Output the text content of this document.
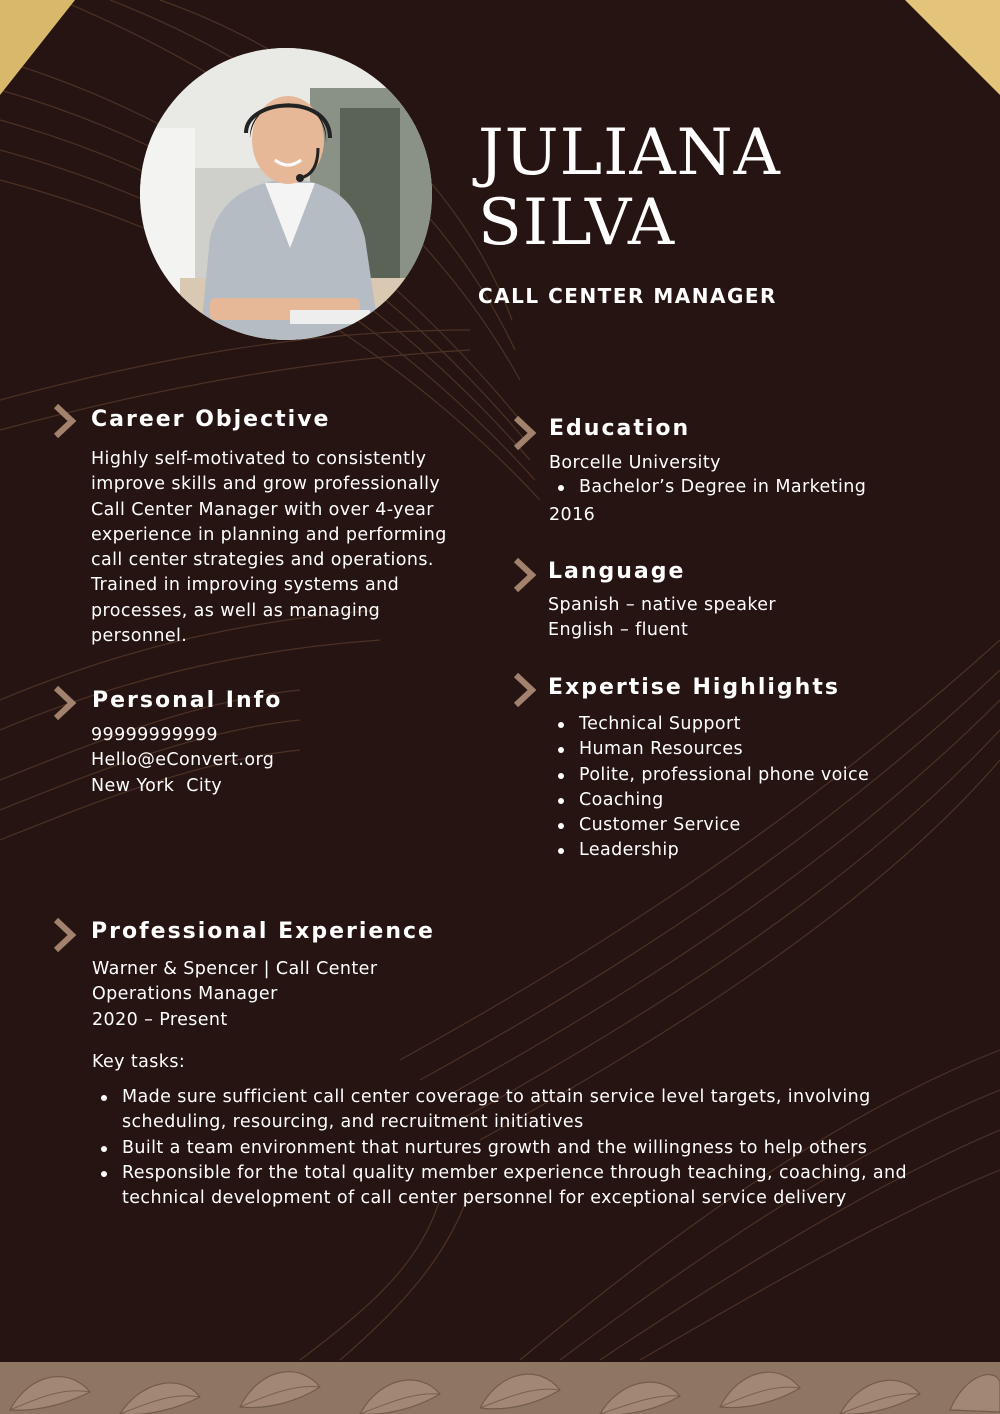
JULIANA
SILVA
CALL CENTER MANAGER
Career Objective
Highly self-motivated to consistently
improve skills and grow professionally
Call Center Manager with over 4-year
experience in planning and performing
call center strategies and operations.
Trained in improving systems and
processes, as well as managing
personnel.
Personal Info
99999999999
Hello@eConvert.org
New York  City
Education
Borcelle University
Bachelor’s Degree in Marketing
2016
Language
Spanish – native speaker
English – fluent
Expertise Highlights
Technical Support
Human Resources
Polite, professional phone voice
Coaching
Customer Service
Leadership
Professional Experience
Warner & Spencer | Call Center
Operations Manager
2020 – Present
Key tasks:
Made sure sufficient call center coverage to attain service level targets, involving scheduling, resourcing, and recruitment initiatives
Built a team environment that nurtures growth and the willingness to help others
Responsible for the total quality member experience through teaching, coaching, and technical development of call center personnel for exceptional service delivery
